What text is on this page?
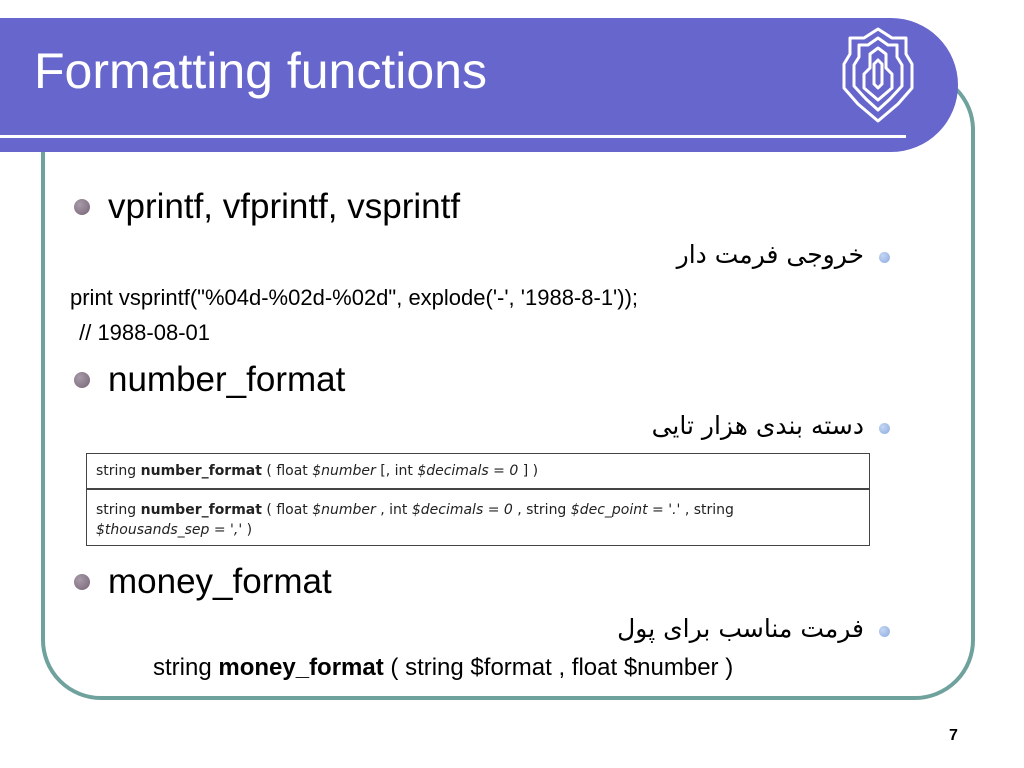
Formatting functions
vprintf, vfprintf, vsprintf
خروجی فرمت دار
print vsprintf("%04d-%02d-%02d", explode('-', '1988-8-1'));
// 1988-08-01
number_format
دسته بندی هزار تایی
string number_format ( float $number [, int $decimals = 0 ] )
string number_format ( float $number , int $decimals = 0 , string $dec_point = '.' , string
$thousands_sep = ',' )
money_format
فرمت مناسب برای پول
string money_format ( string $format , float $number )
7
